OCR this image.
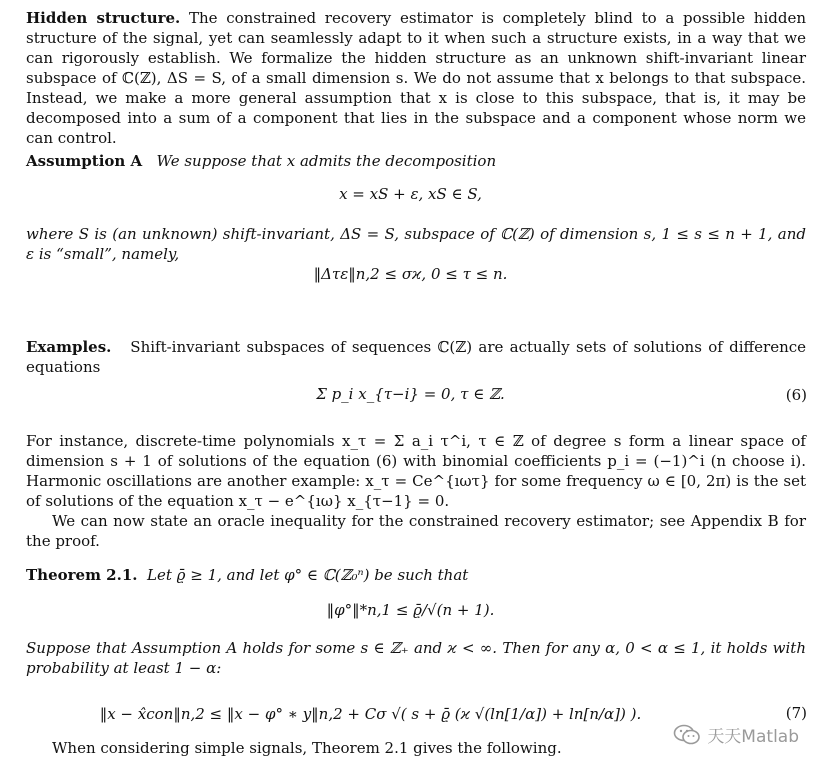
Hidden structure. The constrained recovery estimator is completely blind to a possible hidden structure of the signal, yet can seamlessly adapt to it when such a structure exists, in a way that we can rigorously establish. We formalize the hidden structure as an unknown shift-invariant linear subspace of ℂ(ℤ), ΔS = S, of a small dimension s. We do not assume that x belongs to that subspace. Instead, we make a more general assumption that x is close to this subspace, that is, it may be decomposed into a sum of a component that lies in the subspace and a component whose norm we can control.
Assumption A We suppose that x admits the decomposition
x = xS + ε, xS ∈ S,
where S is (an unknown) shift-invariant, ΔS = S, subspace of ℂ(ℤ) of dimension s, 1 ≤ s ≤ n + 1, and ε is “small”, namely,
‖Δτε‖n,2 ≤ σϰ, 0 ≤ τ ≤ n.
Examples. Shift-invariant subspaces of sequences ℂ(ℤ) are actually sets of solutions of difference equations
Σ p_i x_{τ−i} = 0, τ ∈ ℤ.	(6)
For instance, discrete-time polynomials x_τ = Σ a_i τ^i, τ ∈ ℤ of degree s form a linear space of dimension s + 1 of solutions of the equation (6) with binomial coefficients p_i = (−1)^i (n choose i). Harmonic oscillations are another example: x_τ = Ce^{ıωτ} for some frequency ω ∈ [0, 2π) is the set of solutions of the equation x_τ − e^{ıω} x_{τ−1} = 0.
We can now state an oracle inequality for the constrained recovery estimator; see Appendix B for the proof.
Theorem 2.1. Let ϱ̄ ≥ 1, and let φ° ∈ ℂ(ℤ₀ⁿ) be such that
‖φ°‖*n,1 ≤ ϱ̄/√(n + 1).
Suppose that Assumption A holds for some s ∈ ℤ₊ and ϰ < ∞. Then for any α, 0 < α ≤ 1, it holds with probability at least 1 − α:
‖x − x̂con‖n,2 ≤ ‖x − φ° ∗ y‖n,2 + Cσ √( s + ϱ̄ (ϰ √(ln[1/α]) + ln[n/α]) ).	(7)
When considering simple signals, Theorem 2.1 gives the following.
天天Matlab
